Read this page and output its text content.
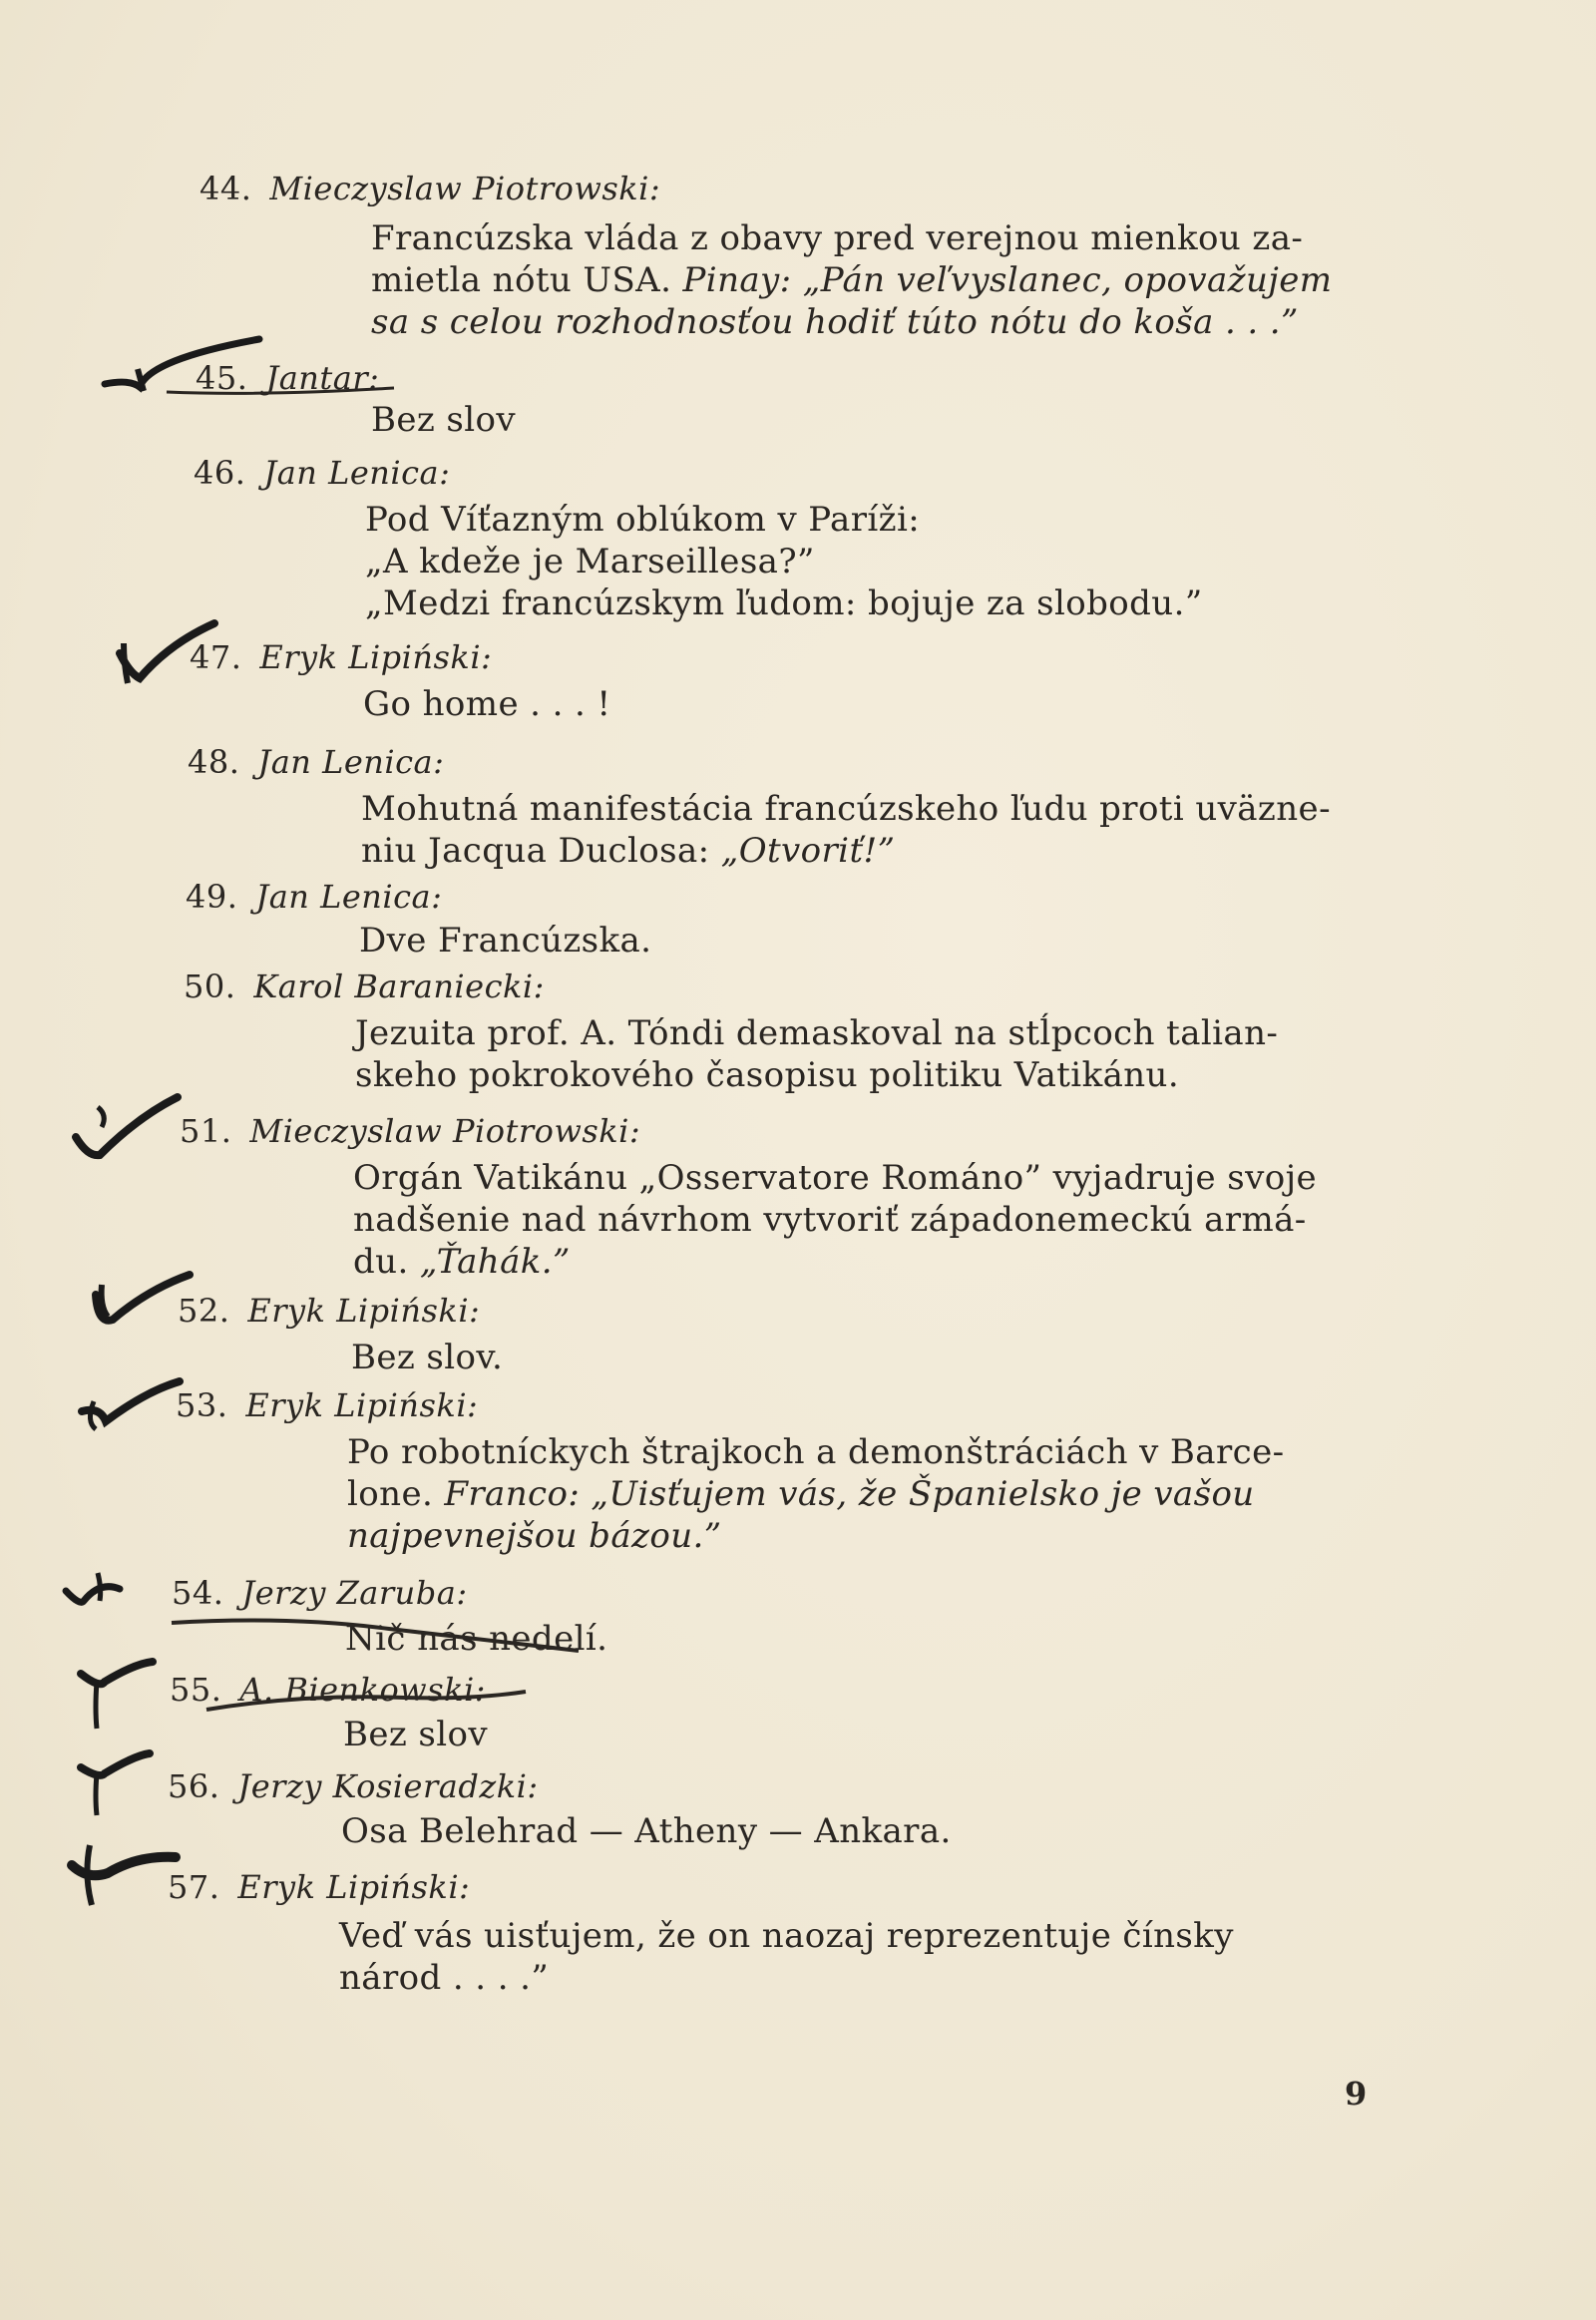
44. Mieczyslaw Piotrowski:
Francúzska vláda z obavy pred verejnou mienkou za-
mietla nótu USA. Pinay: „Pán veľvyslanec, opovažujem
sa s celou rozhodnosťou hodiť túto nótu do koša . . .”
45. Jantar:
Bez slov
46. Jan Lenica:
Pod Víťazným oblúkom v Paríži:
„A kdeže je Marseillesa?”
„Medzi francúzskym ľudom: bojuje za slobodu.”
47. Eryk Lipiński:
Go home . . . !
48. Jan Lenica:
Mohutná manifestácia francúzskeho ľudu proti uväzne-
niu Jacqua Duclosa: „Otvoriť!”
49. Jan Lenica:
Dve Francúzska.
50. Karol Baraniecki:
Jezuita prof. A. Tóndi demaskoval na stĺpcoch talian-
skeho pokrokového časopisu politiku Vatikánu.
51. Mieczyslaw Piotrowski:
Orgán Vatikánu „Osservatore Románo” vyjadruje svoje
nadšenie nad návrhom vytvoriť západonemeckú armá-
du. „Ťahák.”
52. Eryk Lipiński:
Bez slov.
53. Eryk Lipiński:
Po robotníckych štrajkoch a demonštráciách v Barce-
lone. Franco: „Uisťujem vás, že Španielsko je vašou
najpevnejšou bázou.”
54. Jerzy Zaruba:
Nič nás nedelí.
55. A. Bienkowski:
Bez slov
56. Jerzy Kosieradzki:
Osa Belehrad — Atheny — Ankara.
57. Eryk Lipiński:
Veď vás uisťujem, že on naozaj reprezentuje čínsky
národ . . . .”
9
